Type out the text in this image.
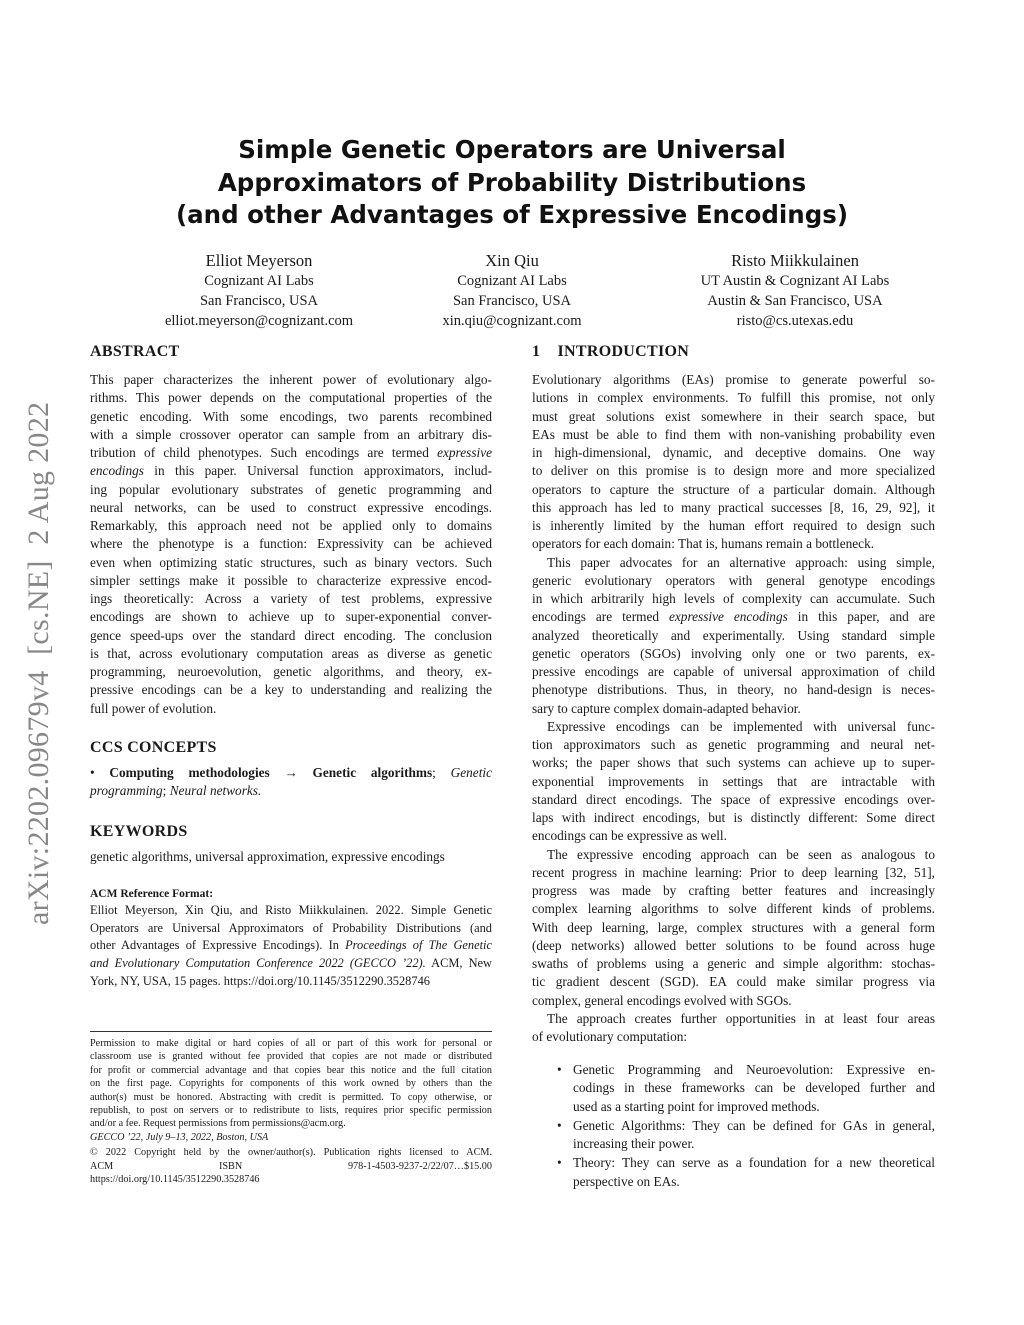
arXiv:2202.09679v4  [cs.NE]  2 Aug 2022
Simple Genetic Operators are Universal
Approximators of Probability Distributions
(and other Advantages of Expressive Encodings)
Elliot Meyerson
Cognizant AI Labs
San Francisco, USA
elliot.meyerson@cognizant.com
Xin Qiu
Cognizant AI Labs
San Francisco, USA
xin.qiu@cognizant.com
Risto Miikkulainen
UT Austin & Cognizant AI Labs
Austin & San Francisco, USA
risto@cs.utexas.edu
ABSTRACT
This paper characterizes the inherent power of evolutionary algo-
rithms. This power depends on the computational properties of the
genetic encoding. With some encodings, two parents recombined
with a simple crossover operator can sample from an arbitrary dis-
tribution of child phenotypes. Such encodings are termed expressive
encodings in this paper. Universal function approximators, includ-
ing popular evolutionary substrates of genetic programming and
neural networks, can be used to construct expressive encodings.
Remarkably, this approach need not be applied only to domains
where the phenotype is a function: Expressivity can be achieved
even when optimizing static structures, such as binary vectors. Such
simpler settings make it possible to characterize expressive encod-
ings theoretically: Across a variety of test problems, expressive
encodings are shown to achieve up to super-exponential conver-
gence speed-ups over the standard direct encoding. The conclusion
is that, across evolutionary computation areas as diverse as genetic
programming, neuroevolution, genetic algorithms, and theory, ex-
pressive encodings can be a key to understanding and realizing the
full power of evolution.
CCS CONCEPTS
• Computing methodologies → Genetic algorithms; Genetic
programming; Neural networks.
KEYWORDS
genetic algorithms, universal approximation, expressive encodings
ACM Reference Format:
Elliot Meyerson, Xin Qiu, and Risto Miikkulainen. 2022. Simple Genetic
Operators are Universal Approximators of Probability Distributions (and
other Advantages of Expressive Encodings). In Proceedings of The Genetic
and Evolutionary Computation Conference 2022 (GECCO ’22). ACM, New
York, NY, USA, 15 pages. https://doi.org/10.1145/3512290.3528746
Permission to make digital or hard copies of all or part of this work for personal or
classroom use is granted without fee provided that copies are not made or distributed
for profit or commercial advantage and that copies bear this notice and the full citation
on the first page. Copyrights for components of this work owned by others than the
author(s) must be honored. Abstracting with credit is permitted. To copy otherwise, or
republish, to post on servers or to redistribute to lists, requires prior specific permission
and/or a fee. Request permissions from permissions@acm.org.
GECCO ’22, July 9–13, 2022, Boston, USA
© 2022 Copyright held by the owner/author(s). Publication rights licensed to ACM.
ACM ISBN 978-1-4503-9237-2/22/07…$15.00
https://doi.org/10.1145/3512290.3528746
1    INTRODUCTION
Evolutionary algorithms (EAs) promise to generate powerful so-
lutions in complex environments. To fulfill this promise, not only
must great solutions exist somewhere in their search space, but
EAs must be able to find them with non-vanishing probability even
in high-dimensional, dynamic, and deceptive domains. One way
to deliver on this promise is to design more and more specialized
operators to capture the structure of a particular domain. Although
this approach has led to many practical successes [8, 16, 29, 92], it
is inherently limited by the human effort required to design such
operators for each domain: That is, humans remain a bottleneck.
This paper advocates for an alternative approach: using simple,
generic evolutionary operators with general genotype encodings
in which arbitrarily high levels of complexity can accumulate. Such
encodings are termed expressive encodings in this paper, and are
analyzed theoretically and experimentally. Using standard simple
genetic operators (SGOs) involving only one or two parents, ex-
pressive encodings are capable of universal approximation of child
phenotype distributions. Thus, in theory, no hand-design is neces-
sary to capture complex domain-adapted behavior.
Expressive encodings can be implemented with universal func-
tion approximators such as genetic programming and neural net-
works; the paper shows that such systems can achieve up to super-
exponential improvements in settings that are intractable with
standard direct encodings. The space of expressive encodings over-
laps with indirect encodings, but is distinctly different: Some direct
encodings can be expressive as well.
The expressive encoding approach can be seen as analogous to
recent progress in machine learning: Prior to deep learning [32, 51],
progress was made by crafting better features and increasingly
complex learning algorithms to solve different kinds of problems.
With deep learning, large, complex structures with a general form
(deep networks) allowed better solutions to be found across huge
swaths of problems using a generic and simple algorithm: stochas-
tic gradient descent (SGD). EA could make similar progress via
complex, general encodings evolved with SGOs.
The approach creates further opportunities in at least four areas
of evolutionary computation:
• Genetic Programming and Neuroevolution: Expressive en-
codings in these frameworks can be developed further and
used as a starting point for improved methods.
• Genetic Algorithms: They can be defined for GAs in general,
increasing their power.
• Theory: They can serve as a foundation for a new theoretical
perspective on EAs.
